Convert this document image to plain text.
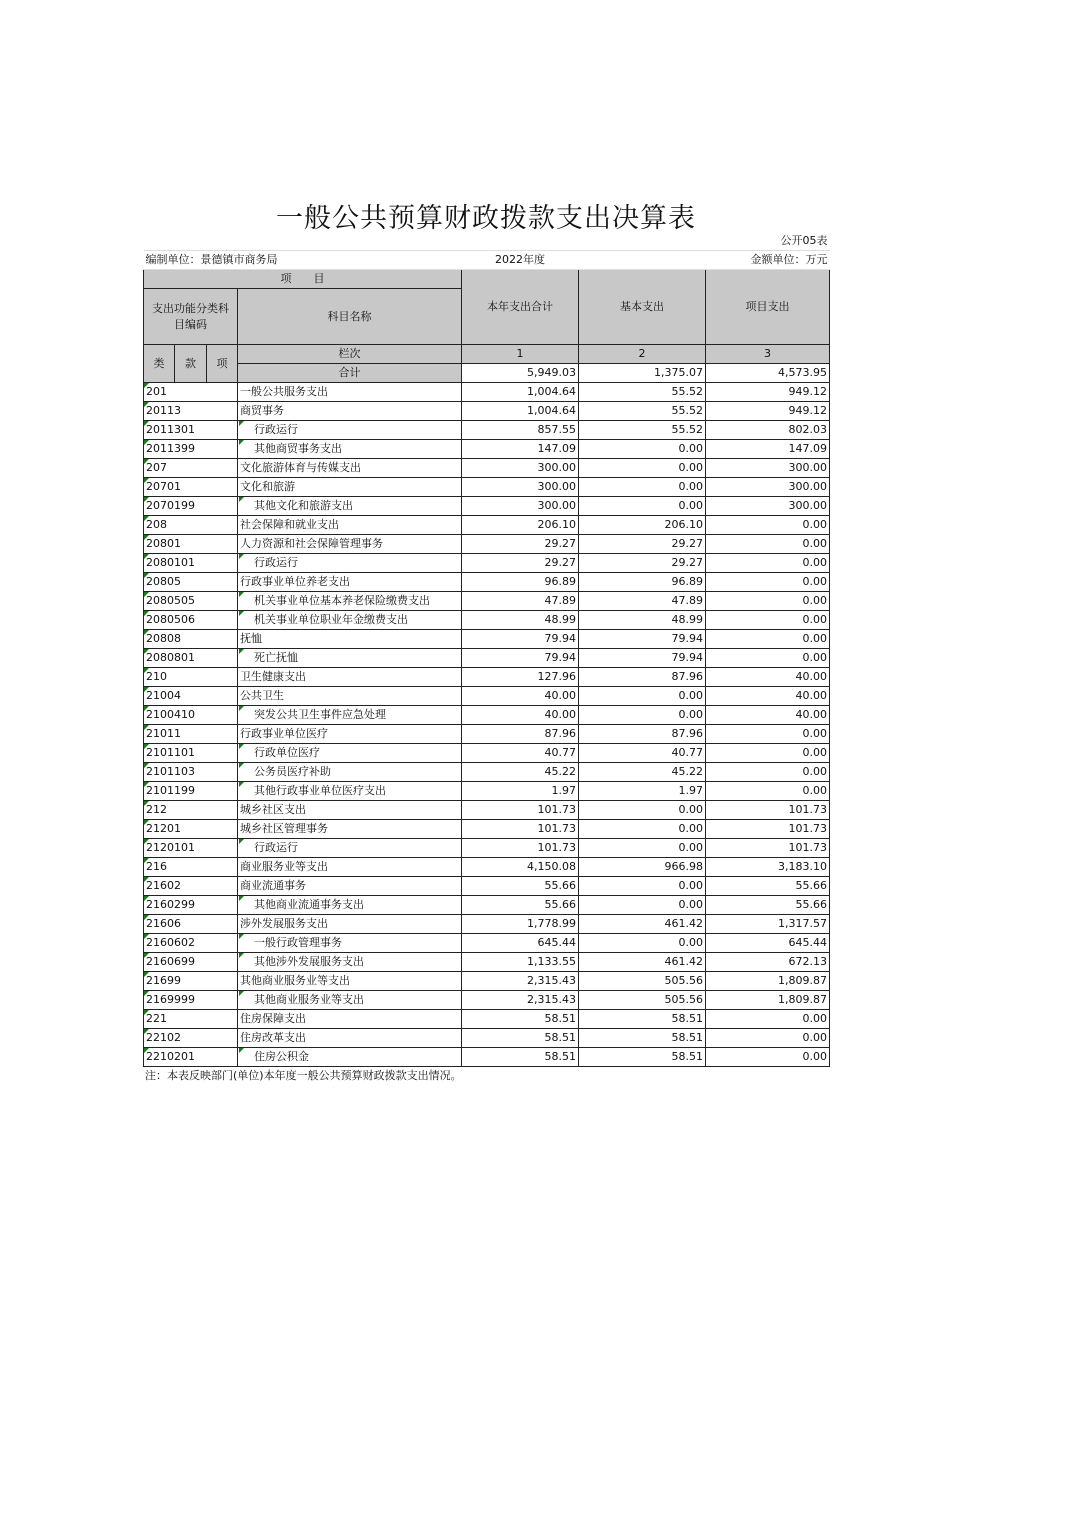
一般公共预算财政拨款支出决算表
						公开05表
编制单位：景德镇市商务局				2022年度		金额单位：万元
项　　目				本年支出合计	基本支出	项目支出
支出功能分类科目编码			科目名称			
类	款	项	栏次	1	2	3
			合计	5,949.03	1,375.07	4,573.95
201			一般公共服务支出	1,004.64	55.52	949.12
20113			商贸事务	1,004.64	55.52	949.12
2011301			行政运行	857.55	55.52	802.03
2011399			其他商贸事务支出	147.09	0.00	147.09
207			文化旅游体育与传媒支出	300.00	0.00	300.00
20701			文化和旅游	300.00	0.00	300.00
2070199			其他文化和旅游支出	300.00	0.00	300.00
208			社会保障和就业支出	206.10	206.10	0.00
20801			人力资源和社会保障管理事务	29.27	29.27	0.00
2080101			行政运行	29.27	29.27	0.00
20805			行政事业单位养老支出	96.89	96.89	0.00
2080505			机关事业单位基本养老保险缴费支出	47.89	47.89	0.00
2080506			机关事业单位职业年金缴费支出	48.99	48.99	0.00
20808			抚恤	79.94	79.94	0.00
2080801			死亡抚恤	79.94	79.94	0.00
210			卫生健康支出	127.96	87.96	40.00
21004			公共卫生	40.00	0.00	40.00
2100410			突发公共卫生事件应急处理	40.00	0.00	40.00
21011			行政事业单位医疗	87.96	87.96	0.00
2101101			行政单位医疗	40.77	40.77	0.00
2101103			公务员医疗补助	45.22	45.22	0.00
2101199			其他行政事业单位医疗支出	1.97	1.97	0.00
212			城乡社区支出	101.73	0.00	101.73
21201			城乡社区管理事务	101.73	0.00	101.73
2120101			行政运行	101.73	0.00	101.73
216			商业服务业等支出	4,150.08	966.98	3,183.10
21602			商业流通事务	55.66	0.00	55.66
2160299			其他商业流通事务支出	55.66	0.00	55.66
21606			涉外发展服务支出	1,778.99	461.42	1,317.57
2160602			一般行政管理事务	645.44	0.00	645.44
2160699			其他涉外发展服务支出	1,133.55	461.42	672.13
21699			其他商业服务业等支出	2,315.43	505.56	1,809.87
2169999			其他商业服务业等支出	2,315.43	505.56	1,809.87
221			住房保障支出	58.51	58.51	0.00
22102			住房改革支出	58.51	58.51	0.00
2210201			住房公积金	58.51	58.51	0.00
注：本表反映部门(单位)本年度一般公共预算财政拨款支出情况。
